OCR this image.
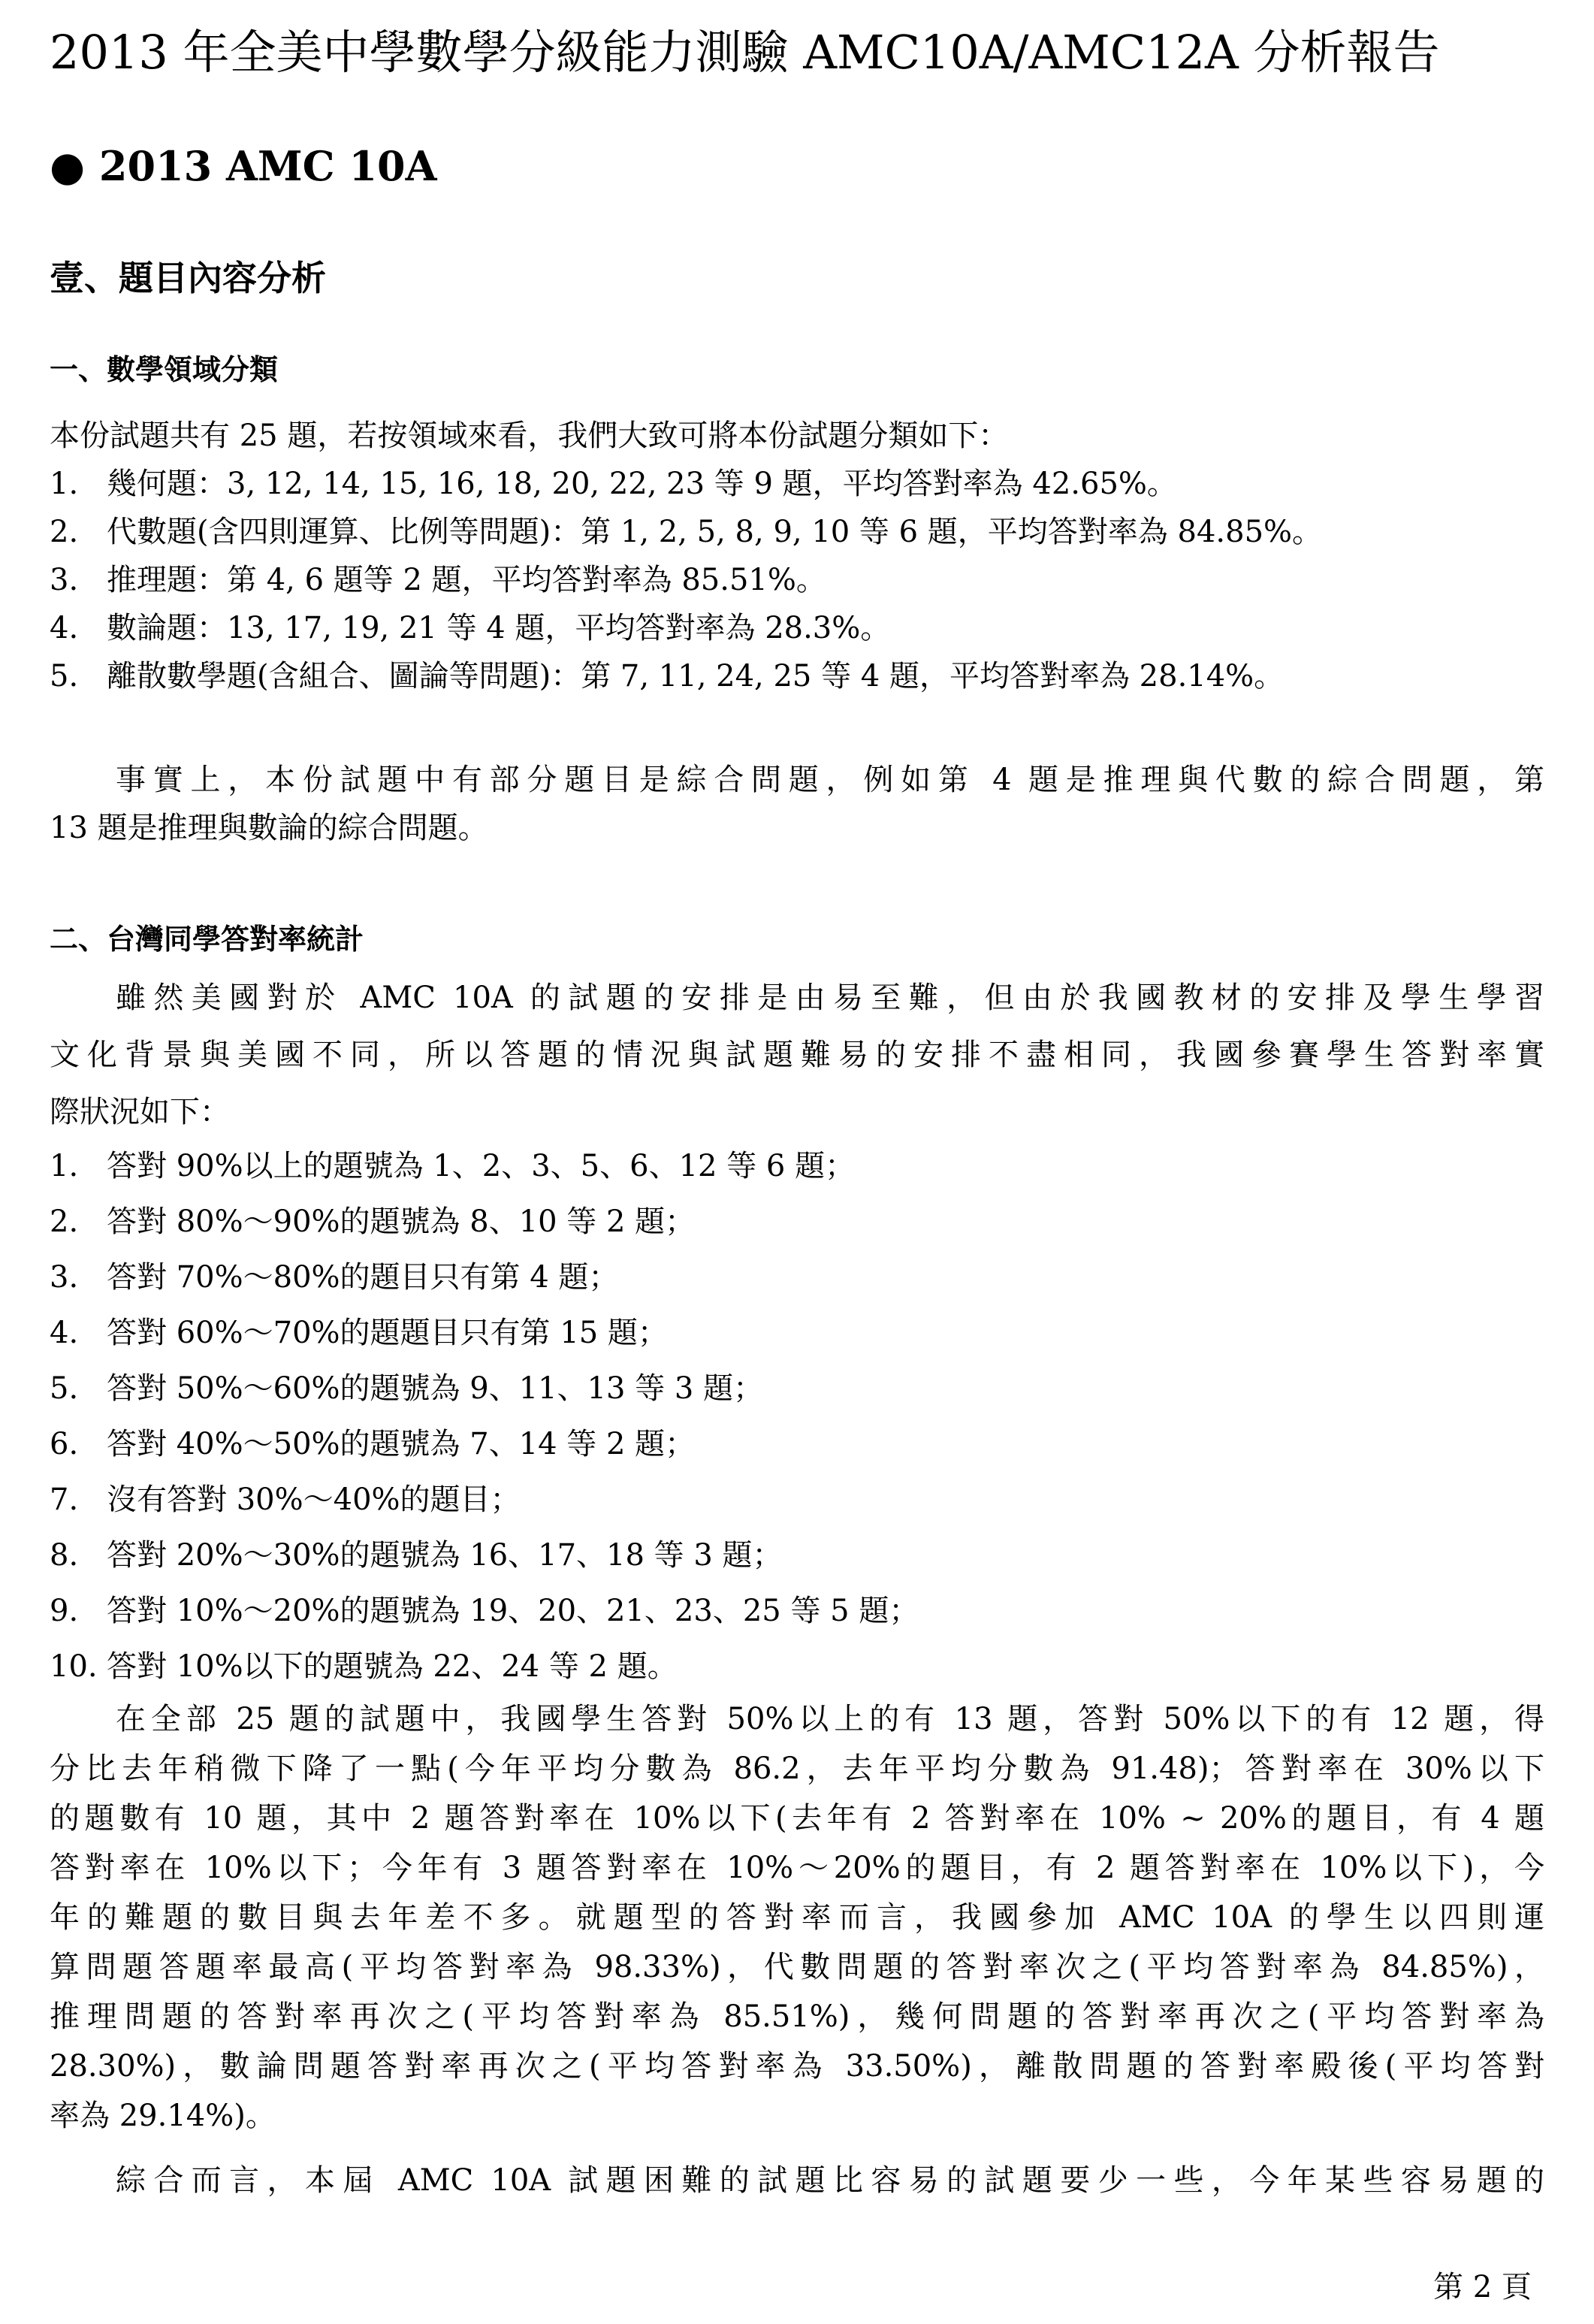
2013 年全美中學數學分級能力測驗 AMC10A/AMC12A 分析報告
● 2013 AMC 10A
壹、題目內容分析
一、數學領域分類
本份試題共有 25 題，若按領域來看，我們大致可將本份試題分類如下：
1. 幾何題：3, 12, 14, 15, 16, 18, 20, 22, 23 等 9 題，平均答對率為 42.65%。
2. 代數題(含四則運算、比例等問題)：第 1, 2, 5, 8, 9, 10 等 6 題，平均答對率為 84.85%。
3. 推理題：第 4, 6 題等 2 題，平均答對率為 85.51%。
4. 數論題：13, 17, 19, 21 等 4 題，平均答對率為 28.3%。
5. 離散數學題(含組合、圖論等問題)：第 7, 11, 24, 25 等 4 題，平均答對率為 28.14%。
事實上，本份試題中有部分題目是綜合問題，例如第 4 題是推理與代數的綜合問題，第
13 題是推理與數論的綜合問題。
二、台灣同學答對率統計
雖然美國對於 AMC 10A 的試題的安排是由易至難，但由於我國教材的安排及學生學習
文化背景與美國不同，所以答題的情況與試題難易的安排不盡相同，我國參賽學生答對率實
際狀況如下：
1. 答對 90%以上的題號為 1、2、3、5、6、12 等 6 題；
2. 答對 80%～90%的題號為 8、10 等 2 題；
3. 答對 70%～80%的題目只有第 4 題；
4. 答對 60%～70%的題題目只有第 15 題；
5. 答對 50%～60%的題號為 9、11、13 等 3 題；
6. 答對 40%～50%的題號為 7、14 等 2 題；
7. 沒有答對 30%～40%的題目；
8. 答對 20%～30%的題號為 16、17、18 等 3 題；
9. 答對 10%～20%的題號為 19、20、21、23、25 等 5 題；
10. 答對 10%以下的題號為 22、24 等 2 題。
在全部 25 題的試題中，我國學生答對 50%以上的有 13 題，答對 50%以下的有 12 題，得
分比去年稍微下降了一點(今年平均分數為 86.2，去年平均分數為 91.48)；答對率在 30%以下
的題數有 10 題，其中 2 題答對率在 10%以下(去年有 2 答對率在 10% ~ 20%的題目，有 4 題
答對率在 10%以下；今年有 3 題答對率在 10%～20%的題目，有 2 題答對率在 10%以下)，今
年的難題的數目與去年差不多。就題型的答對率而言，我國參加 AMC 10A 的學生以四則運
算問題答題率最高(平均答對率為 98.33%)，代數問題的答對率次之(平均答對率為 84.85%)，
推理問題的答對率再次之(平均答對率為 85.51%)，幾何問題的答對率再次之(平均答對率為
28.30%)，數論問題答對率再次之(平均答對率為 33.50%)，離散問題的答對率殿後(平均答對
率為 29.14%)。
綜合而言，本屆 AMC 10A 試題困難的試題比容易的試題要少一些，今年某些容易題的
第 2 頁
